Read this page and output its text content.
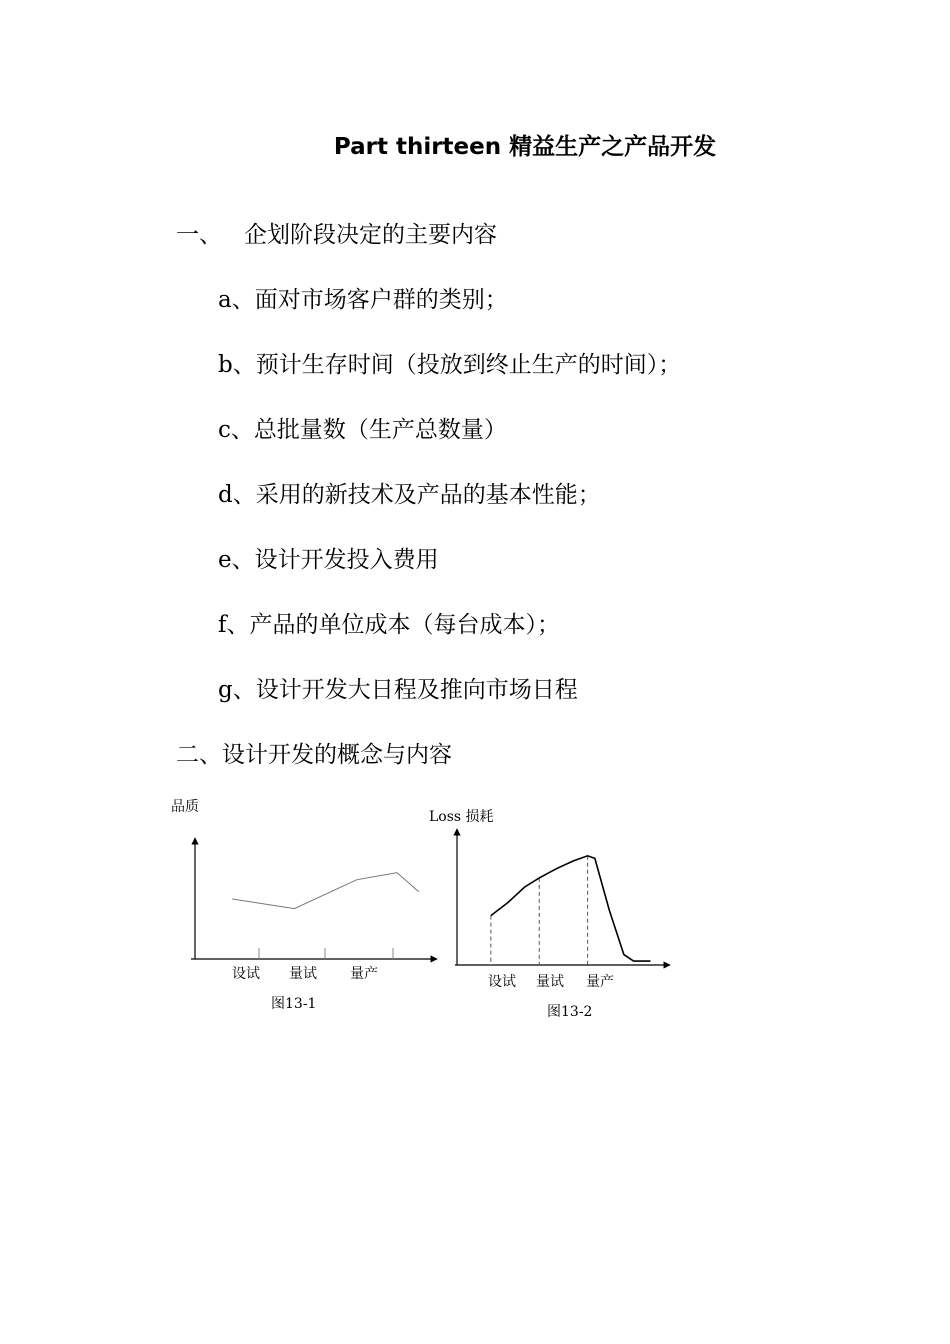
Part thirteen 精益生产之产品开发
一、 企划阶段决定的主要内容
a、面对市场客户群的类别；
b、预计生存时间（投放到终止生产的时间）；
c、总批量数（生产总数量）
d、采用的新技术及产品的基本性能；
e、设计开发投入费用
f、产品的单位成本（每台成本）；
g、设计开发大日程及推向市场日程
二、设计开发的概念与内容
品质
设试 量试 量产
图13-1
Loss 损耗
设试 量试 量产
图13-2
